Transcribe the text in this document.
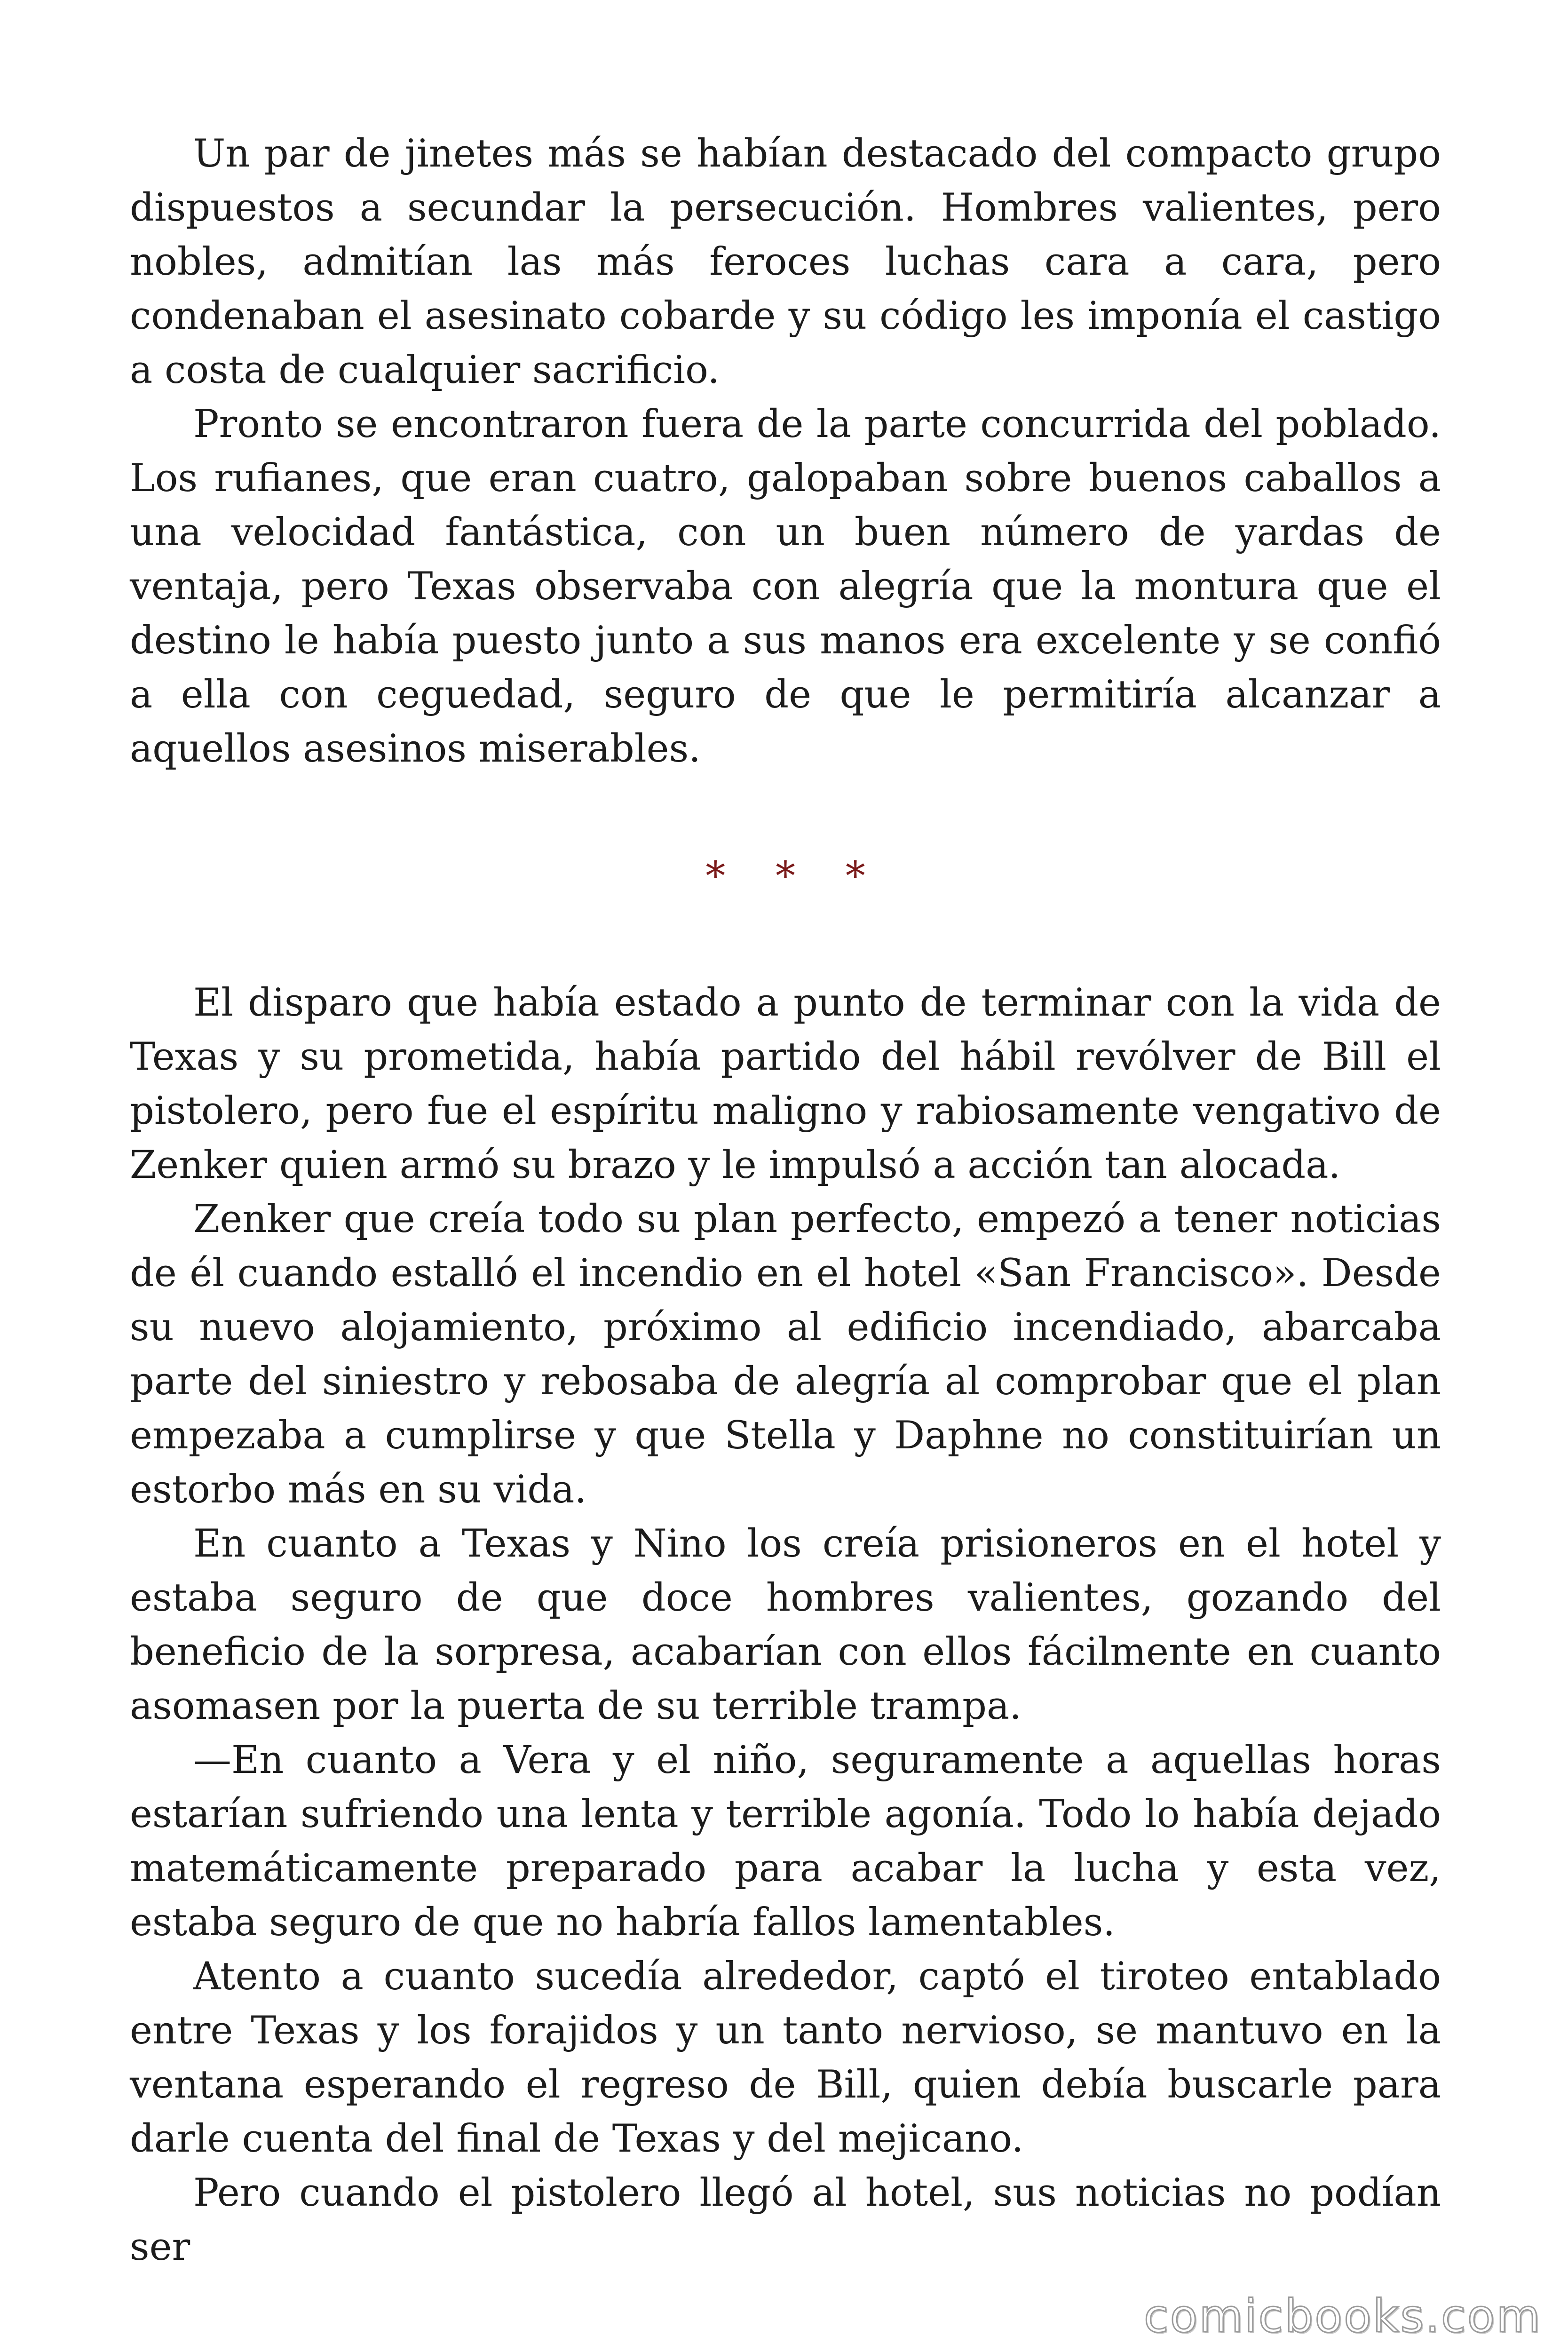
Un par de jinetes más se habían destacado del compacto grupo dispuestos a secundar la persecución. Hombres valientes, pero nobles, admitían las más feroces luchas cara a cara, pero condenaban el asesinato cobarde y su código les imponía el castigo a costa de cualquier sacrificio.

Pronto se encontraron fuera de la parte concurrida del poblado. Los rufianes, que eran cuatro, galopaban sobre buenos caballos a una velocidad fantástica, con un buen número de yardas de ventaja, pero Texas observaba con alegría que la montura que el destino le había puesto junto a sus manos era excelente y se confió a ella con ceguedad, seguro de que le permitiría alcanzar a aquellos asesinos miserables.

* * *

El disparo que había estado a punto de terminar con la vida de Texas y su prometida, había partido del hábil revólver de Bill el pistolero, pero fue el espíritu maligno y rabiosamente vengativo de Zenker quien armó su brazo y le impulsó a acción tan alocada.

Zenker que creía todo su plan perfecto, empezó a tener noticias de él cuando estalló el incendio en el hotel «San Francisco». Desde su nuevo alojamiento, próximo al edificio incendiado, abarcaba parte del siniestro y rebosaba de alegría al comprobar que el plan empezaba a cumplirse y que Stella y Daphne no constituirían un estorbo más en su vida.

En cuanto a Texas y Nino los creía prisioneros en el hotel y estaba seguro de que doce hombres valientes, gozando del beneficio de la sorpresa, acabarían con ellos fácilmente en cuanto asomasen por la puerta de su terrible trampa.

—En cuanto a Vera y el niño, seguramente a aquellas horas estarían sufriendo una lenta y terrible agonía. Todo lo había dejado matemáticamente preparado para acabar la lucha y esta vez, estaba seguro de que no habría fallos lamentables.

Atento a cuanto sucedía alrededor, captó el tiroteo entablado entre Texas y los forajidos y un tanto nervioso, se mantuvo en la ventana esperando el regreso de Bill, quien debía buscarle para darle cuenta del final de Texas y del mejicano.

Pero cuando el pistolero llegó al hotel, sus noticias no podían ser

comicbooks.com
